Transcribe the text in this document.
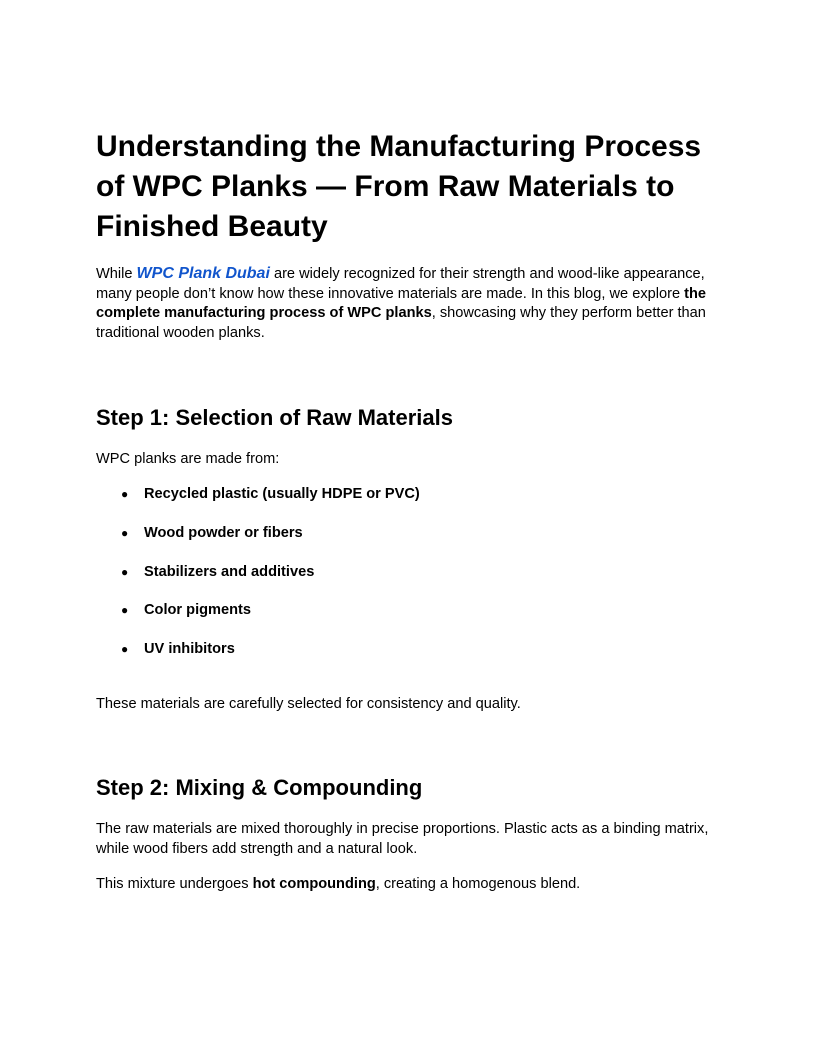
Understanding the Manufacturing Process of WPC Planks — From Raw Materials to Finished Beauty

While WPC Plank Dubai are widely recognized for their strength and wood-like appearance, many people don’t know how these innovative materials are made. In this blog, we explore the complete manufacturing process of WPC planks, showcasing why they perform better than traditional wooden planks.

Step 1: Selection of Raw Materials

WPC planks are made from:

● Recycled plastic (usually HDPE or PVC)
● Wood powder or fibers
● Stabilizers and additives
● Color pigments
● UV inhibitors

These materials are carefully selected for consistency and quality.

Step 2: Mixing & Compounding

The raw materials are mixed thoroughly in precise proportions. Plastic acts as a binding matrix, while wood fibers add strength and a natural look.

This mixture undergoes hot compounding, creating a homogenous blend.
